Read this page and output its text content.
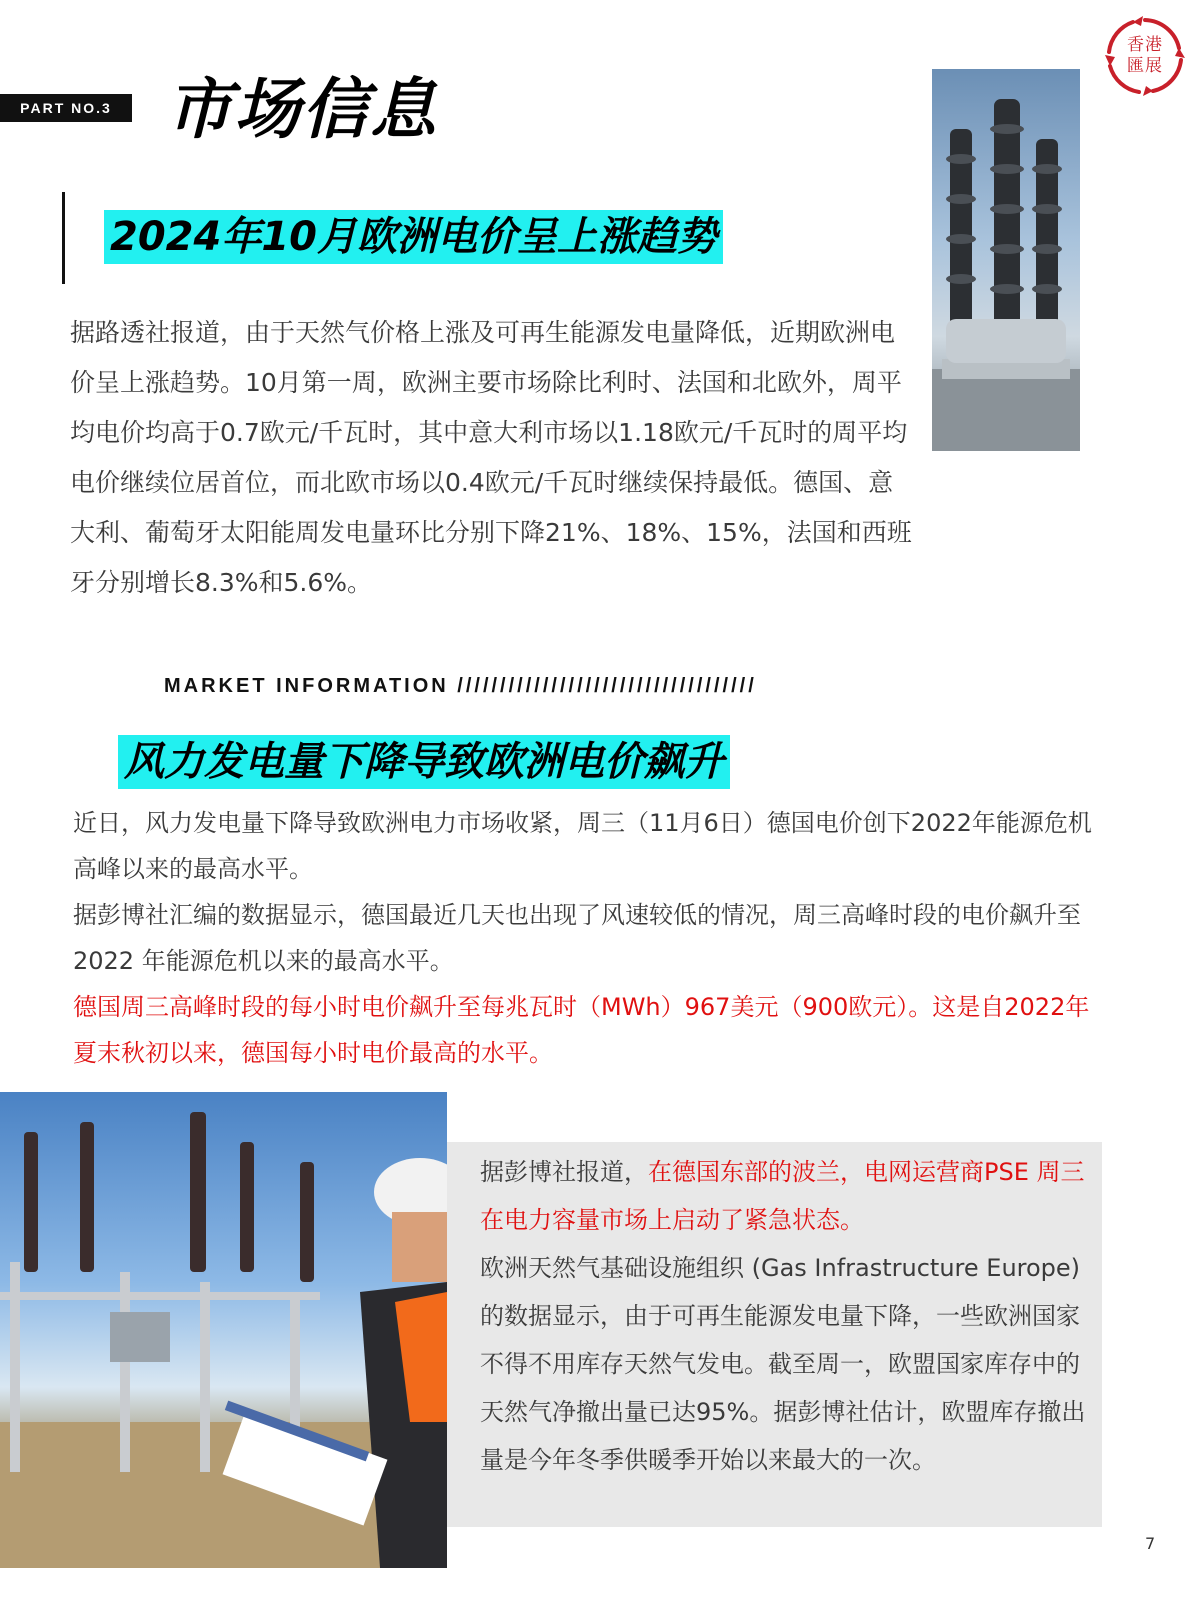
PART NO.3 市场信息
香港
匯展
2024年10月欧洲电价呈上涨趋势
据路透社报道，由于天然气价格上涨及可再生能源发电量降低，近期欧洲电价呈上涨趋势。10月第一周，欧洲主要市场除比利时、法国和北欧外，周平均电价均高于0.7欧元/千瓦时，其中意大利市场以1.18欧元/千瓦时的周平均电价继续位居首位，而北欧市场以0.4欧元/千瓦时继续保持最低。德国、意大利、葡萄牙太阳能周发电量环比分别下降21%、18%、15%，法国和西班牙分别增长8.3%和5.6%。
MARKET INFORMATION ///////////////////////////////////
风力发电量下降导致欧洲电价飙升
近日，风力发电量下降导致欧洲电力市场收紧，周三（11月6日）德国电价创下2022年能源危机高峰以来的最高水平。
据彭博社汇编的数据显示，德国最近几天也出现了风速较低的情况，周三高峰时段的电价飙升至 2022 年能源危机以来的最高水平。
德国周三高峰时段的每小时电价飙升至每兆瓦时（MWh）967美元（900欧元）。这是自2022年夏末秋初以来，德国每小时电价最高的水平。
据彭博社报道，在德国东部的波兰，电网运营商PSE 周三在电力容量市场上启动了紧急状态。
欧洲天然气基础设施组织 (Gas Infrastructure Europe) 的数据显示，由于可再生能源发电量下降，一些欧洲国家不得不用库存天然气发电。截至周一，欧盟国家库存中的天然气净撤出量已达95%。据彭博社估计，欧盟库存撤出量是今年冬季供暖季开始以来最大的一次。
7
